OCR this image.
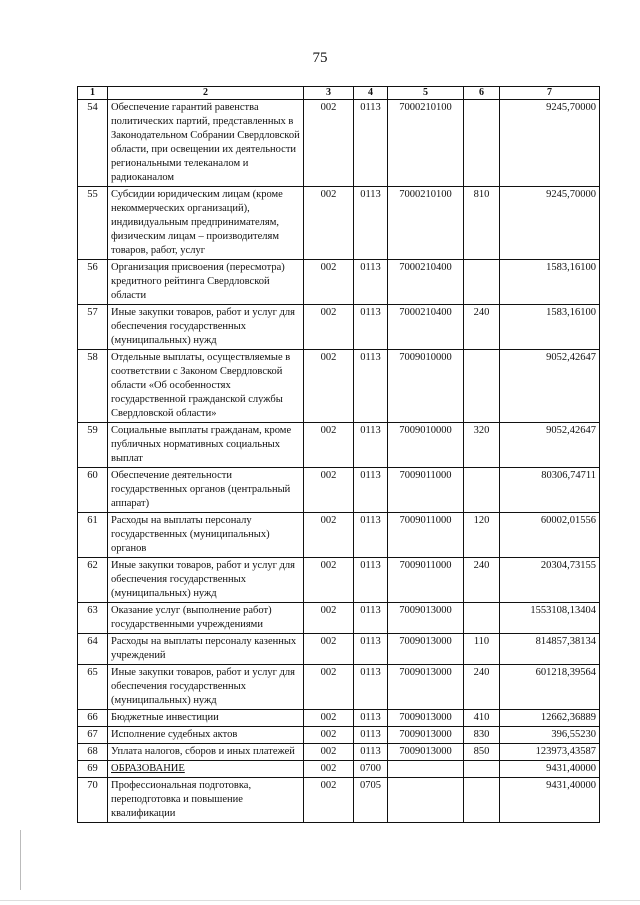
75
1	2	3	4	5	6	7
54	Обеспечение гарантий равенства политических партий, представленных в Законодательном Собрании Свердловской области, при освещении их деятельности региональными телеканалом и радиоканалом	002	0113	7000210100		9245,70000
55	Субсидии юридическим лицам (кроме некоммерческих организаций), индивидуальным предпринимателям, физическим лицам – производителям товаров, работ, услуг	002	0113	7000210100	810	9245,70000
56	Организация присвоения (пересмотра) кредитного рейтинга Свердловской области	002	0113	7000210400		1583,16100
57	Иные закупки товаров, работ и услуг для обеспечения государственных (муниципальных) нужд	002	0113	7000210400	240	1583,16100
58	Отдельные выплаты, осуществляемые в соответствии с Законом Свердловской области «Об особенностях государственной гражданской службы Свердловской области»	002	0113	7009010000		9052,42647
59	Социальные выплаты гражданам, кроме публичных нормативных социальных выплат	002	0113	7009010000	320	9052,42647
60	Обеспечение деятельности государственных органов (центральный аппарат)	002	0113	7009011000		80306,74711
61	Расходы на выплаты персоналу государственных (муниципальных) органов	002	0113	7009011000	120	60002,01556
62	Иные закупки товаров, работ и услуг для обеспечения государственных (муниципальных) нужд	002	0113	7009011000	240	20304,73155
63	Оказание услуг (выполнение работ) государственными учреждениями	002	0113	7009013000		1553108,13404
64	Расходы на выплаты персоналу казенных учреждений	002	0113	7009013000	110	814857,38134
65	Иные закупки товаров, работ и услуг для обеспечения государственных (муниципальных) нужд	002	0113	7009013000	240	601218,39564
66	Бюджетные инвестиции	002	0113	7009013000	410	12662,36889
67	Исполнение судебных актов	002	0113	7009013000	830	396,55230
68	Уплата налогов, сборов и иных платежей	002	0113	7009013000	850	123973,43587
69	ОБРАЗОВАНИЕ	002	0700			9431,40000
70	Профессиональная подготовка, переподготовка и повышение квалификации	002	0705			9431,40000
